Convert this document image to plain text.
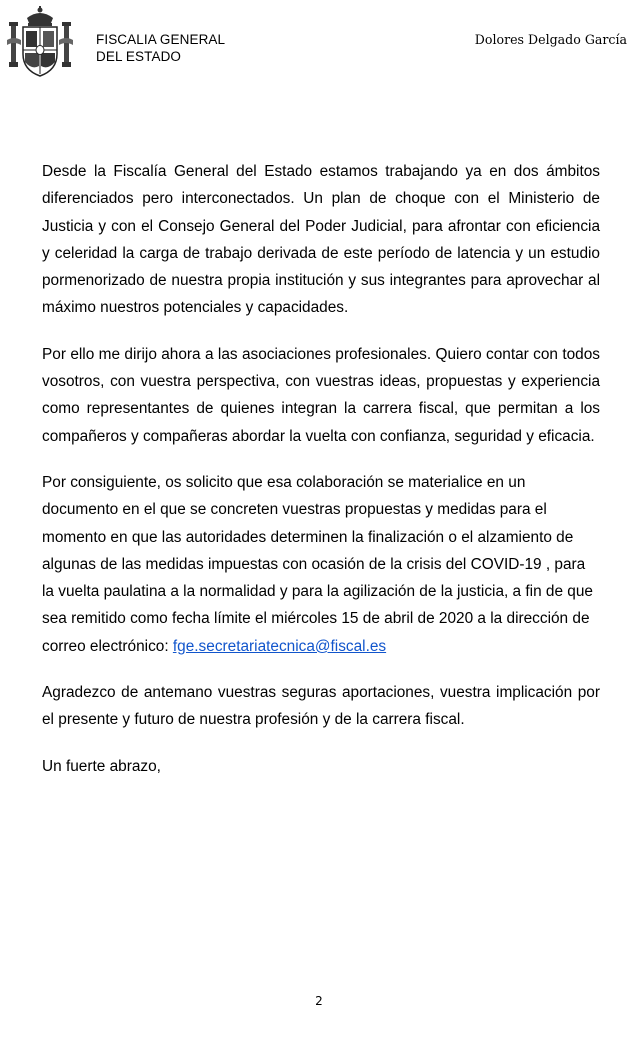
FISCALIA GENERAL
DEL ESTADO
Dolores Delgado García

Desde la Fiscalía General del Estado estamos trabajando ya en dos ámbitos diferenciados pero interconectados. Un plan de choque con el Ministerio de Justicia y con el Consejo General del Poder Judicial, para afrontar con eficiencia y celeridad la carga de trabajo derivada de este período de latencia y un estudio pormenorizado de nuestra propia institución y sus integrantes para aprovechar al máximo nuestros potenciales y capacidades.

Por ello me dirijo ahora a las asociaciones profesionales. Quiero contar con todos vosotros, con vuestra perspectiva, con vuestras ideas, propuestas y experiencia como representantes de quienes integran la carrera fiscal, que permitan a los compañeros y compañeras abordar la vuelta con confianza, seguridad y eficacia.

Por consiguiente, os solicito que esa colaboración se materialice en un documento en el que se concreten vuestras propuestas y medidas para el momento en que las autoridades determinen la finalización o el alzamiento de algunas de las medidas impuestas con ocasión de la crisis del COVID-19 , para la vuelta paulatina a la normalidad y para la agilización de la justicia, a fin de que sea remitido como fecha límite el miércoles 15 de abril de 2020 a la dirección de correo electrónico: fge.secretariatecnica@fiscal.es

Agradezco de antemano vuestras seguras aportaciones, vuestra implicación por el presente y futuro de nuestra profesión y de la carrera fiscal.

Un fuerte abrazo,

2
